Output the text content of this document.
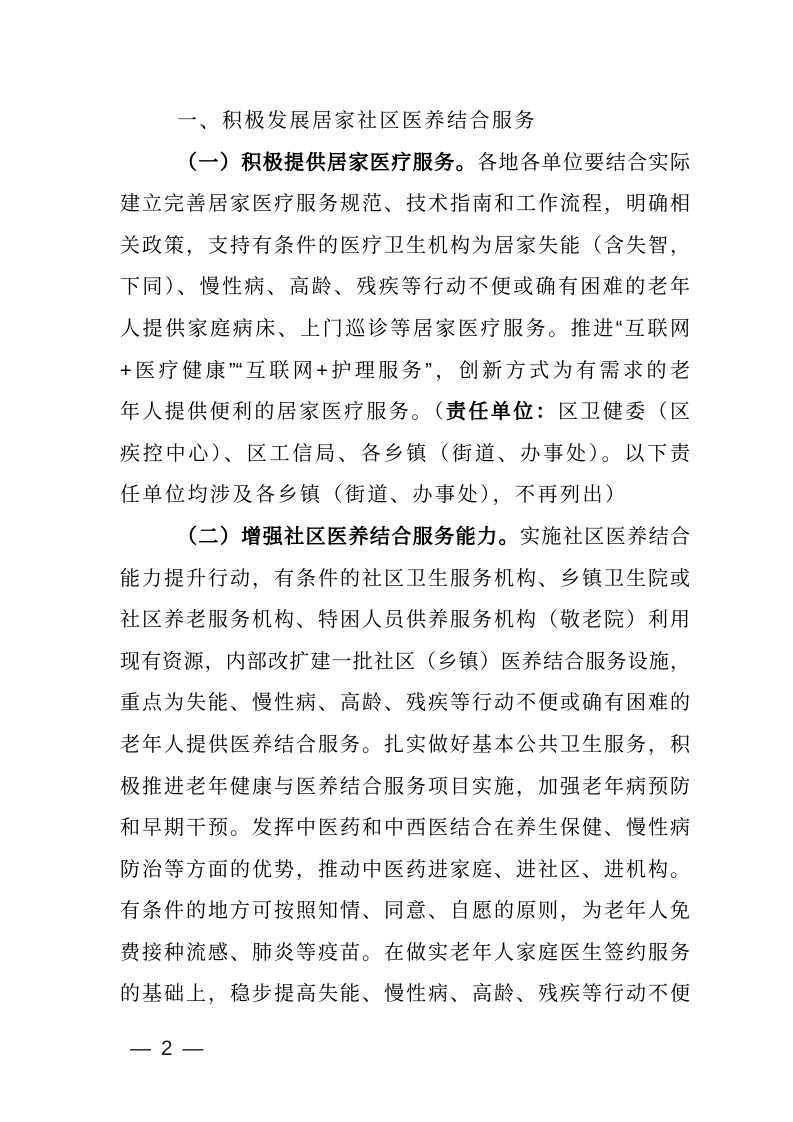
一、积极发展居家社区医养结合服务
（一）积极提供居家医疗服务。各地各单位要结合实际
建立完善居家医疗服务规范、技术指南和工作流程，明确相
关政策，支持有条件的医疗卫生机构为居家失能（含失智，
下同）、慢性病、高龄、残疾等行动不便或确有困难的老年
人提供家庭病床、上门巡诊等居家医疗服务。推进“互联网
+医疗健康”“互联网+护理服务”，创新方式为有需求的老
年人提供便利的居家医疗服务。（责任单位：区卫健委（区
疾控中心）、区工信局、各乡镇（街道、办事处）。以下责
任单位均涉及各乡镇（街道、办事处），不再列出）
（二）增强社区医养结合服务能力。实施社区医养结合
能力提升行动，有条件的社区卫生服务机构、乡镇卫生院或
社区养老服务机构、特困人员供养服务机构（敬老院）利用
现有资源，内部改扩建一批社区（乡镇）医养结合服务设施，
重点为失能、慢性病、高龄、残疾等行动不便或确有困难的
老年人提供医养结合服务。扎实做好基本公共卫生服务，积
极推进老年健康与医养结合服务项目实施，加强老年病预防
和早期干预。发挥中医药和中西医结合在养生保健、慢性病
防治等方面的优势，推动中医药进家庭、进社区、进机构。
有条件的地方可按照知情、同意、自愿的原则，为老年人免
费接种流感、肺炎等疫苗。在做实老年人家庭医生签约服务
的基础上，稳步提高失能、慢性病、高龄、残疾等行动不便
— 2 —
